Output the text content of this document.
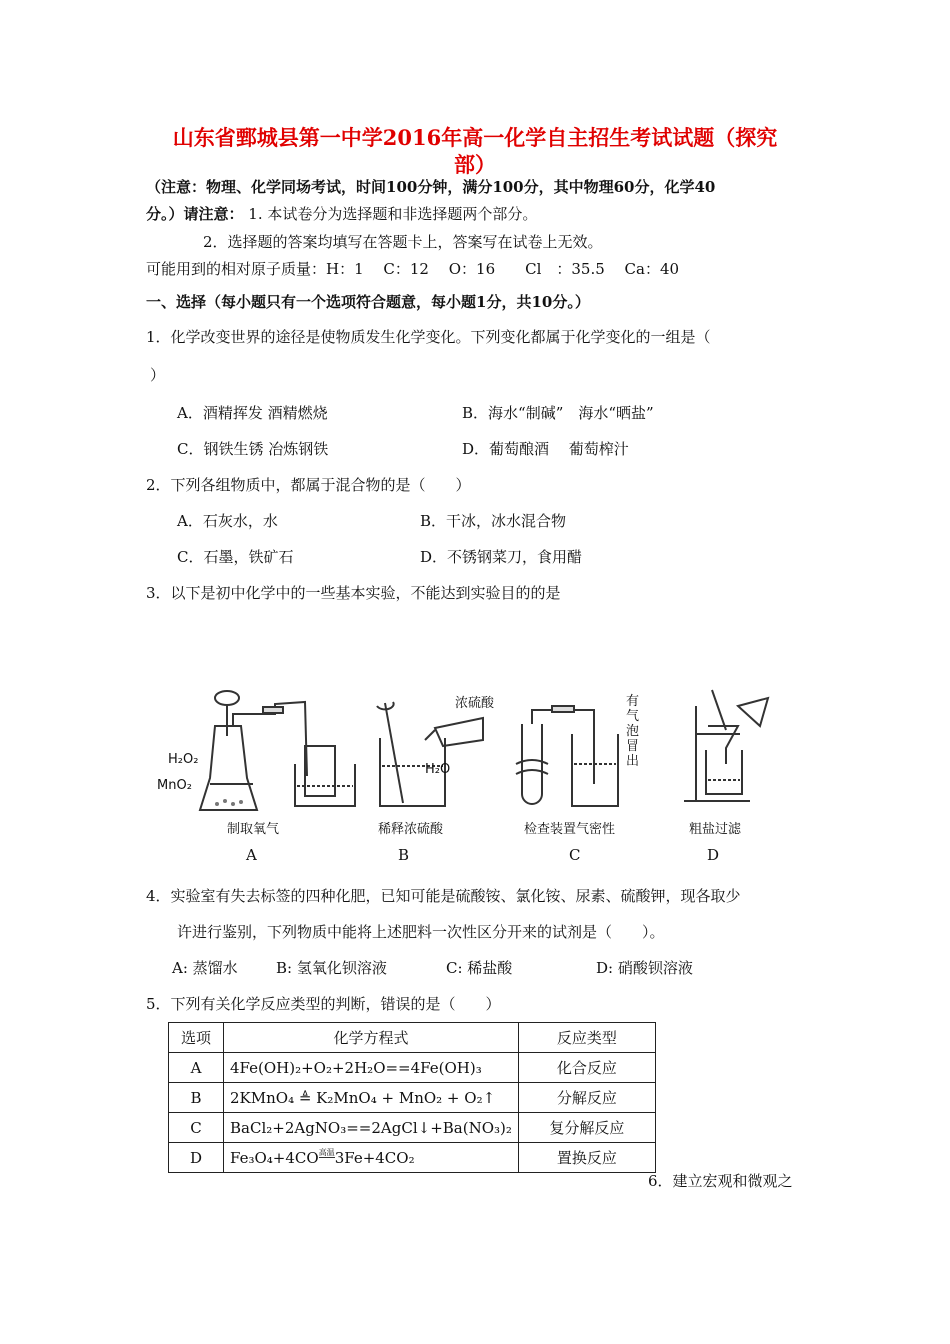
山东省鄄城县第一中学2016年高一化学自主招生考试试题（探究
部）
（注意：物理、化学同场考试，时间100分钟，满分100分，其中物理60分，化学40
分。）请注意： 1. 本试卷分为选择题和非选择题两个部分。
2．选择题的答案均填写在答题卡上，答案写在试卷上无效。
可能用到的相对原子质量：H：1　 C：12　 O：16　　Cl　：35.5　 Ca：40
一、选择（每小题只有一个选项符合题意，每小题1分，共10分。）
1．化学改变世界的途径是使物质发生化学变化。下列变化都属于化学变化的一组是（
）
A．酒精挥发 酒精燃烧	B．海水“制碱”　海水“晒盐”
C．钢铁生锈 冶炼钢铁	D．葡萄酿酒　 葡萄榨汁
2．下列各组物质中，都属于混合物的是（　　）
A．石灰水，水	B．干冰，冰水混合物
C．石墨，铁矿石	D．不锈钢菜刀，食用醋
3．以下是初中化学中的一些基本实验，不能达到实验目的的是
H₂O₂
MnO₂
制取氧气
A
浓硫酸
H₂O
稀释浓硫酸
B
有气泡冒出
检查装置气密性
C
粗盐过滤
D
4．实验室有失去标签的四种化肥，已知可能是硫酸铵、氯化铵、尿素、硫酸钾，现各取少
许进行鉴别，下列物质中能将上述肥料一次性区分开来的试剂是（　　）。
A: 蒸馏水	B: 氢氧化钡溶液	C: 稀盐酸	D: 硝酸钡溶液
5．下列有关化学反应类型的判断，错误的是（　　）
选项	化学方程式	反应类型
A	4Fe(OH)₂+O₂+2H₂O==4Fe(OH)₃	化合反应
B	2KMnO₄ ≜ K₂MnO₄ + MnO₂ + O₂↑	分解反应
C	BaCl₂+2AgNO₃==2AgCl↓+Ba(NO₃)₂	复分解反应
D	Fe₃O₄+4CO高温3Fe+4CO₂	置换反应
6．建立宏观和微观之
